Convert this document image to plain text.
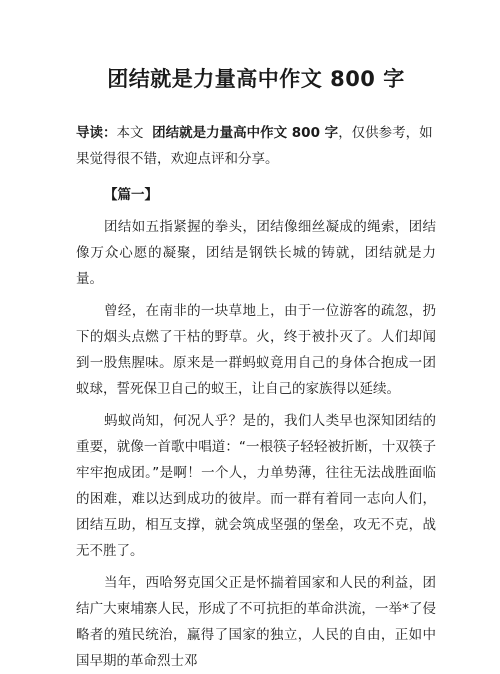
团结就是力量高中作文 800 字

导读：本文 团结就是力量高中作文 800 字，仅供参考，如果觉得很不错，欢迎点评和分享。

【篇一】

团结如五指紧握的拳头，团结像细丝凝成的绳索，团结像万众心愿的凝聚，团结是钢铁长城的铸就，团结就是力量。

曾经，在南非的一块草地上，由于一位游客的疏忽，扔下的烟头点燃了干枯的野草。火，终于被扑灭了。人们却闻到一股焦腥味。原来是一群蚂蚁竟用自己的身体合抱成一团蚁球，誓死保卫自己的蚁王，让自己的家族得以延续。

蚂蚁尚知，何况人乎？是的，我们人类早也深知团结的重要，就像一首歌中唱道：“一根筷子轻轻被折断，十双筷子牢牢抱成团。”是啊！一个人，力单势薄，往往无法战胜面临的困难，难以达到成功的彼岸。而一群有着同一志向人们，团结互助，相互支撑，就会筑成坚强的堡垒，攻无不克，战无不胜了。

当年，西哈努克国父正是怀揣着国家和人民的利益，团结广大柬埔寨人民，形成了不可抗拒的革命洪流，一举*了侵略者的殖民统治，赢得了国家的独立，人民的自由，正如中国早期的革命烈士邓
